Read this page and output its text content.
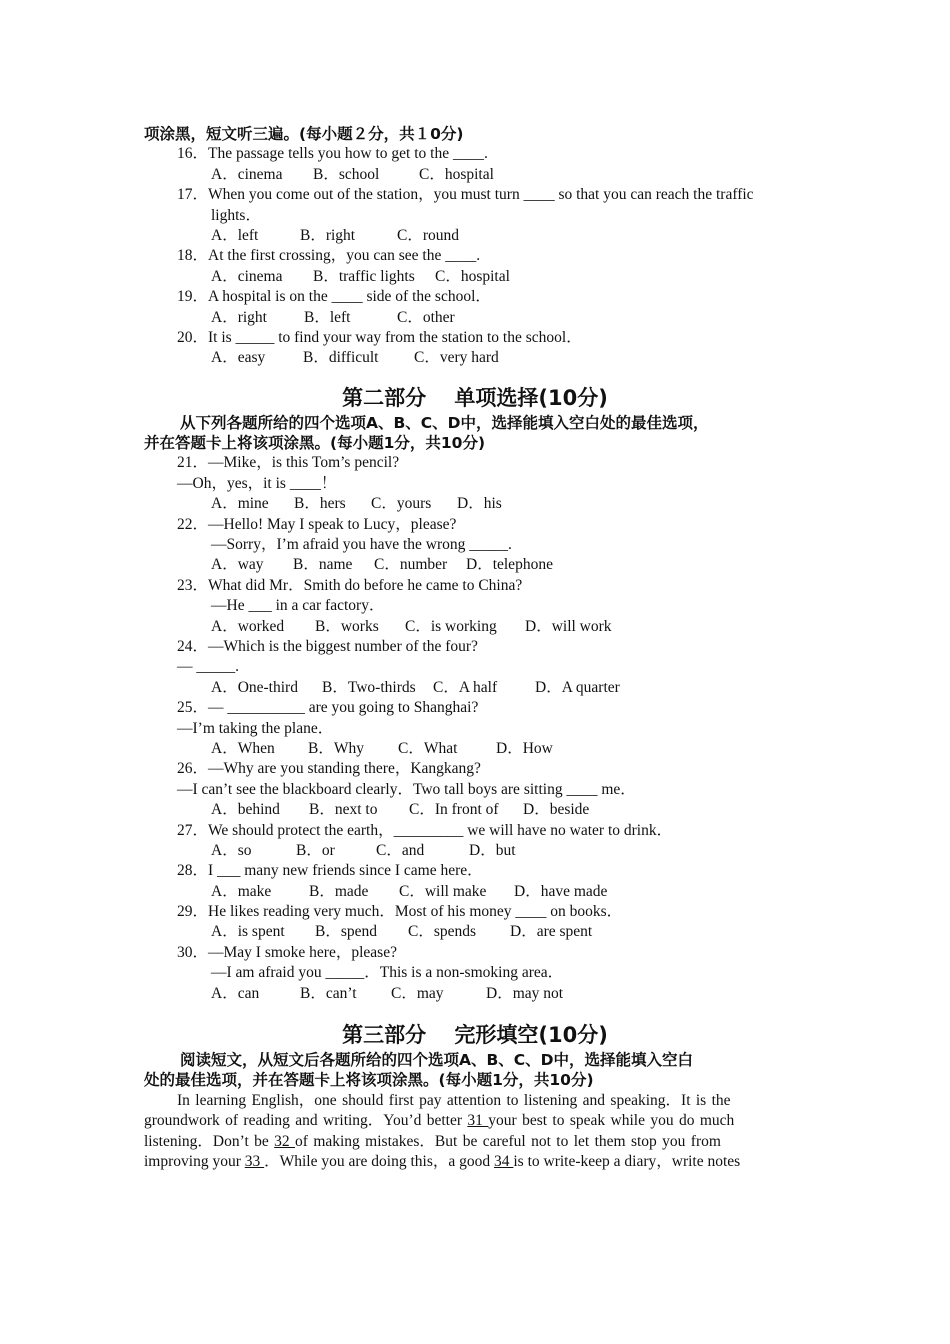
项涂黑，短文听三遍。(每小题２分，共１0分)
16．The passage tells you how to get to the ____.
A．cinema B．school	C．hospital
17．When you come out of the station，you must turn ____ so that you can reach the traffic
lights．
A．left	B．right	C．round
18．At the first crossing，you can see the ____.
A．cinema B．traffic lights C．hospital
19．A hospital is on the ____ side of the school．
A．right B．left	C．other
20．It is _____ to find your way from the station to the school．
A．easy B．difficult C．very hard
第二部分　 单项选择(10分)
从下列各题所给的四个选项A、B、C、D中，选择能填入空白处的最佳选项，
并在答题卡上将该项涂黑。(每小题1分，共10分)
21．—Mike，is this Tom’s pencil?
—Oh，yes，it is ____！
A．mine B．hers C．yours D．his
22．—Hello! May I speak to Lucy，please?
—Sorry，I’m afraid you have the wrong _____.
A．way B．name C．number D．telephone
23．What did Mr．Smith do before he came to China?
—He ___ in a car factory．
A．worked B．works C．is working D．will work
24．—Which is the biggest number of the four?
— _____.
A．One-third B．Two-thirds C．A half D．A quarter
25．— __________ are you going to Shanghai?
—I’m taking the plane．
A．When B．Why C．What D．How
26．—Why are you standing there，Kangkang?
—I can’t see the blackboard clearly．Two tall boys are sitting ____ me．
A．behind B．next to C．In front of D．beside
27．We should protect the earth，_________ we will have no water to drink．
A．so	B．or	C．and	D．but
28．I ___ many new friends since I came here．
A．make B．made C．will make D．have made
29．He likes reading very much．Most of his money ____ on books．
A．is spent B．spend C．spends D．are spent
30．—May I smoke here，please?
—I am afraid you _____．This is a non-smoking area．
A．can	B．can’t C．may	D．may not
第三部分　 完形填空(10分)
阅读短文，从短文后各题所给的四个选项A、B、C、D中，选择能填入空白
处的最佳选项，并在答题卡上将该项涂黑。(每小题1分，共10分)
In learning English，one should first pay attention to listening and speaking．It is the
groundwork of reading and writing．You’d better 31 your best to speak while you do much
listening．Don’t be 32 of making mistakes．But be careful not to let them stop you from
improving your 33 ．While you are doing this，a good 34 is to write-keep a diary，write notes
